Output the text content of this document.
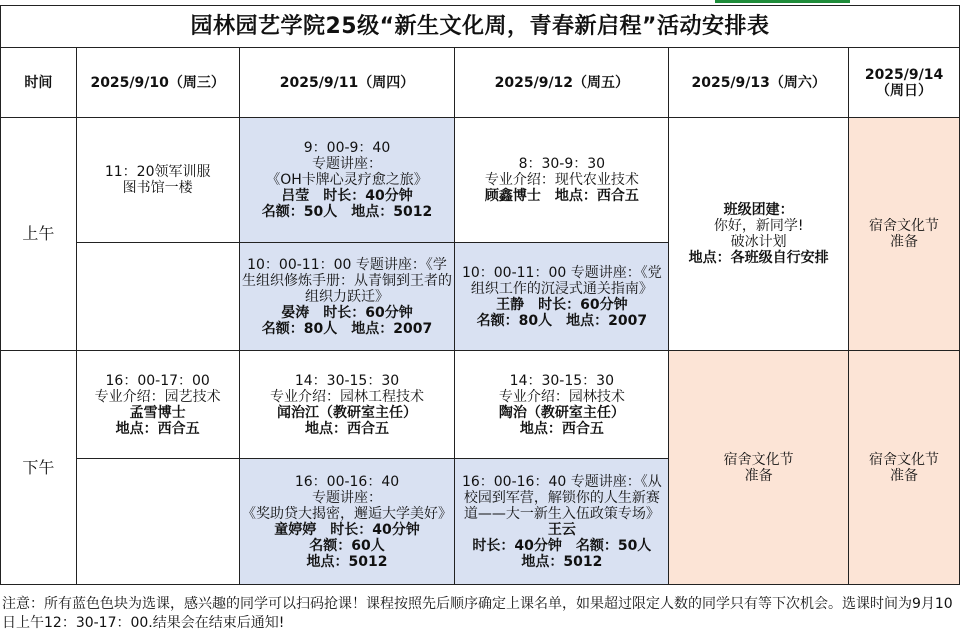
园林园艺学院25级“新生文化周，青春新启程”活动安排表					
时间	2025/9/10（周三）	2025/9/11（周四）	2025/9/12（周五）	2025/9/13（周六）	2025/9/14
（周日）

上午	11：20领军训服
图书馆一楼	9：00-9：40
专题讲座：
《OH卡牌心灵疗愈之旅》
吕莹　时长：40分钟
名额：50人　地点：5012	8：30-9：30
专业介绍：现代农业技术
顾鑫博士　地点：西合五	班级团建：
你好，新同学!
破冰计划
地点：各班级自行安排	宿舍文化节
准备

		10：00-11：00 专题讲座：《学生组织修炼手册：从青铜到王者的组织力跃迁》
晏涛　时长：60分钟
名额：80人　地点：2007	10：00-11：00 专题讲座：《党组织工作的沉浸式通关指南》
王静　时长：60分钟
名额：80人　地点：2007		

下午	16：00-17：00
专业介绍：园艺技术
孟雪博士
地点：西合五	14：30-15：30
专业介绍：园林工程技术
闻治江（教研室主任）
地点：西合五	14：30-15：30
专业介绍：园林技术
陶治（教研室主任）
地点：西合五	宿舍文化节
准备	宿舍文化节
准备

		16：00-16：40
专题讲座：
《奖助贷大揭密，邂逅大学美好》童婷婷　时长：40分钟
名额：60人
地点：5012	16：00-16：40 专题讲座：《从校园到军营，解锁你的人生新赛道——大一新生入伍政策专场》王云
时长：40分钟　名额：50人
地点：5012		
注意：所有蓝色色块为选课，感兴趣的同学可以扫码抢课！课程按照先后顺序确定上课名单，如果超过限定人数的同学只有等下次机会。选课时间为9月10日上午12：30-17：00.结果会在结束后通知!
